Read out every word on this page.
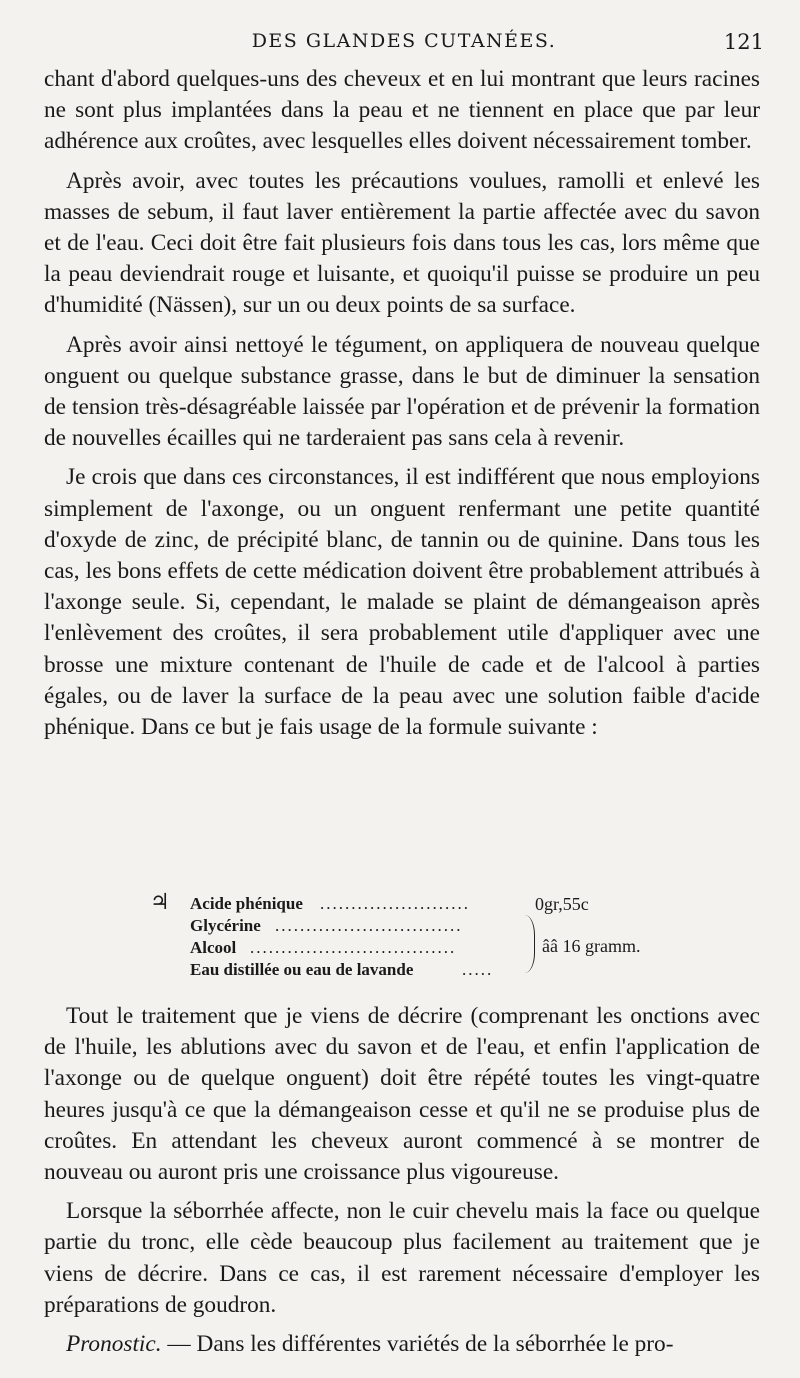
DES GLANDES CUTANÉES.	121

chant d'abord quelques-uns des cheveux et en lui montrant que leurs racines ne sont plus implantées dans la peau et ne tiennent en place que par leur adhérence aux croûtes, avec lesquelles elles doivent nécessairement tomber.

Après avoir, avec toutes les précautions voulues, ramolli et enlevé les masses de sebum, il faut laver entièrement la partie affectée avec du savon et de l'eau. Ceci doit être fait plusieurs fois dans tous les cas, lors même que la peau deviendrait rouge et luisante, et quoiqu'il puisse se produire un peu d'humidité (Nässen), sur un ou deux points de sa surface.

Après avoir ainsi nettoyé le tégument, on appliquera de nouveau quelque onguent ou quelque substance grasse, dans le but de diminuer la sensation de tension très-désagréable laissée par l'opération et de prévenir la formation de nouvelles écailles qui ne tarderaient pas sans cela à revenir.

Je crois que dans ces circonstances, il est indifférent que nous employions simplement de l'axonge, ou un onguent renfermant une petite quantité d'oxyde de zinc, de précipité blanc, de tannin ou de quinine. Dans tous les cas, les bons effets de cette médication doivent être probablement attribués à l'axonge seule. Si, cependant, le malade se plaint de démangeaison après l'enlèvement des croûtes, il sera probablement utile d'appliquer avec une brosse une mixture contenant de l'huile de cade et de l'alcool à parties égales, ou de laver la surface de la peau avec une solution faible d'acide phénique. Dans ce but je fais usage de la formule suivante :

♃ Acide phénique ........................	0gr,55c
Glycérine ..............................
Alcool .................................
Eau distillée ou eau de lavande	.....
ââ 16 gramm.

Tout le traitement que je viens de décrire (comprenant les onctions avec de l'huile, les ablutions avec du savon et de l'eau, et enfin l'application de l'axonge ou de quelque onguent) doit être répété toutes les vingt-quatre heures jusqu'à ce que la démangeaison cesse et qu'il ne se produise plus de croûtes. En attendant les cheveux auront commencé à se montrer de nouveau ou auront pris une croissance plus vigoureuse.

Lorsque la séborrhée affecte, non le cuir chevelu mais la face ou quelque partie du tronc, elle cède beaucoup plus facilement au traitement que je viens de décrire. Dans ce cas, il est rarement nécessaire d'employer les préparations de goudron.

Pronostic. — Dans les différentes variétés de la séborrhée le pro-
